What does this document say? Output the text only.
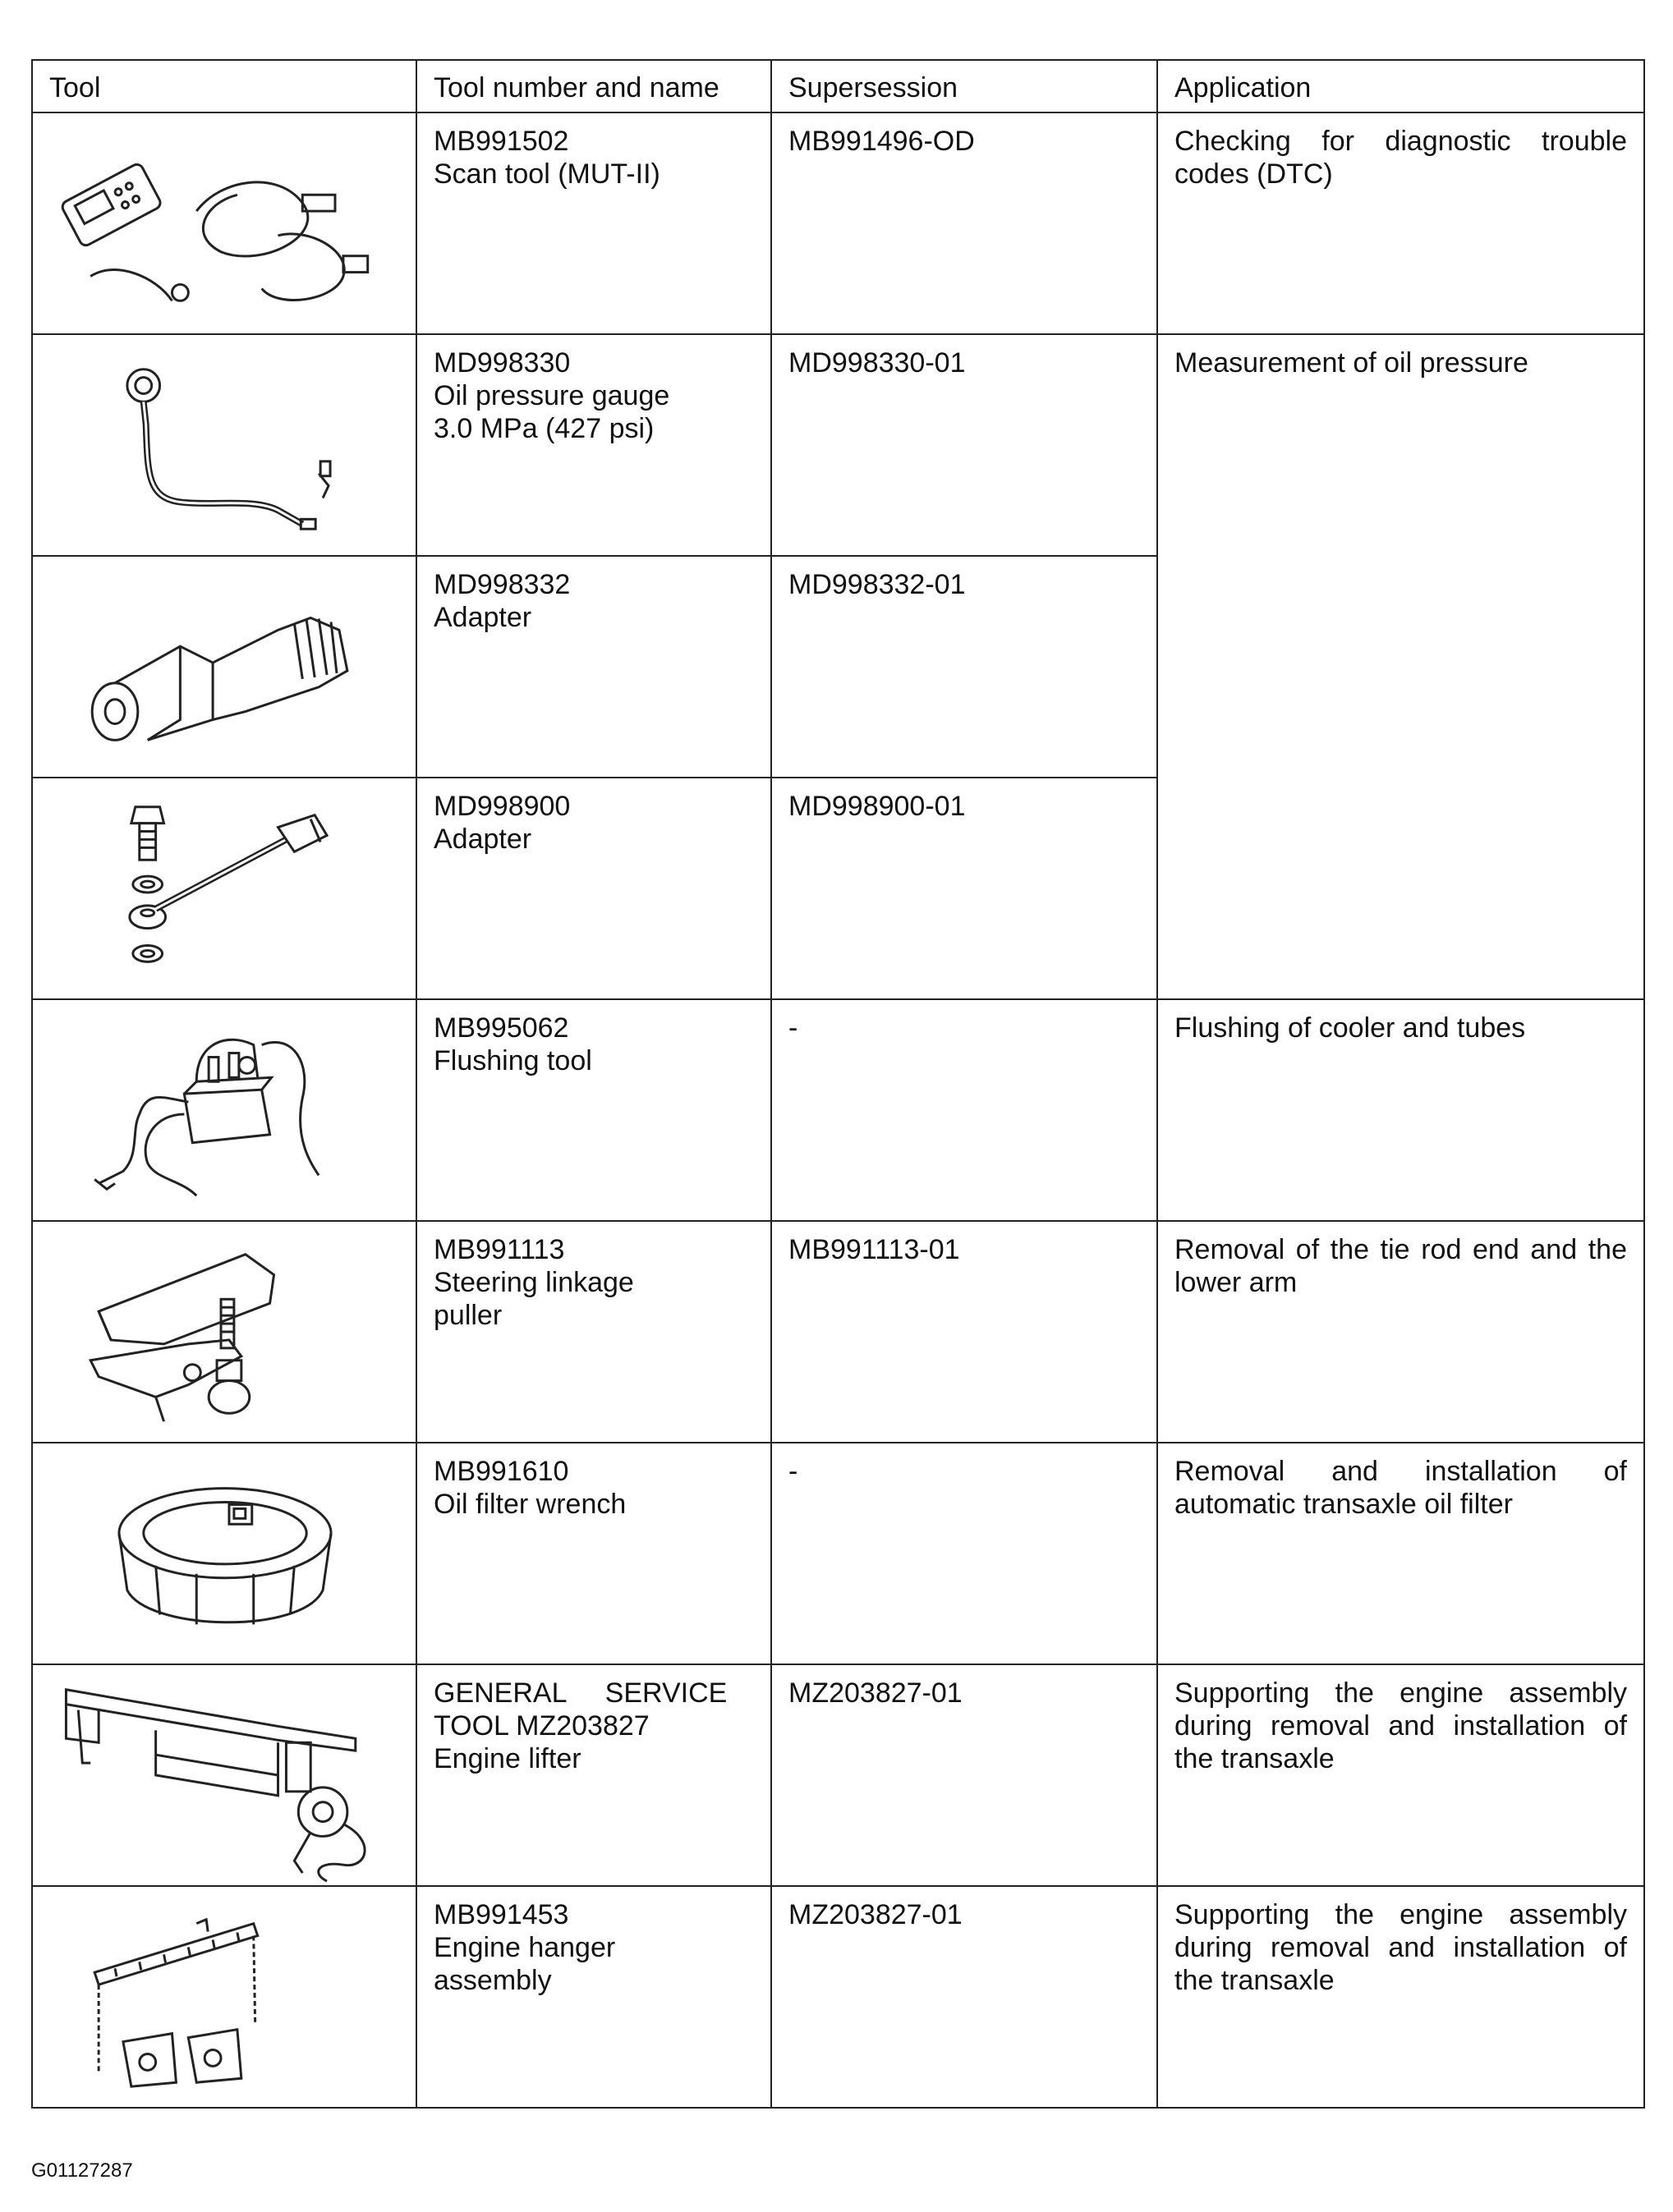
Tool	Tool number and name	Supersession	Application

MB991502
Scan tool (MUT-II)	MB991496-OD	Checking for diagnostic trouble codes (DTC)

MD998330
Oil pressure gauge
3.0 MPa (427 psi)	MD998330-01	Measurement of oil pressure

MD998332
Adapter	MD998332-01	

MD998900
Adapter	MD998900-01	

MB995062
Flushing tool	-	Flushing of cooler and tubes

MB991113
Steering linkage
puller	MB991113-01	Removal of the tie rod end and the lower arm

MB991610
Oil filter wrench	-	Removal and installation of automatic transaxle oil filter

GENERAL SERVICE
TOOL MZ203827
Engine lifter	MZ203827-01	Supporting the engine assembly during removal and installation of the transaxle

MB991453
Engine hanger
assembly	MZ203827-01	Supporting the engine assembly during removal and installation of the transaxle
G01127287
